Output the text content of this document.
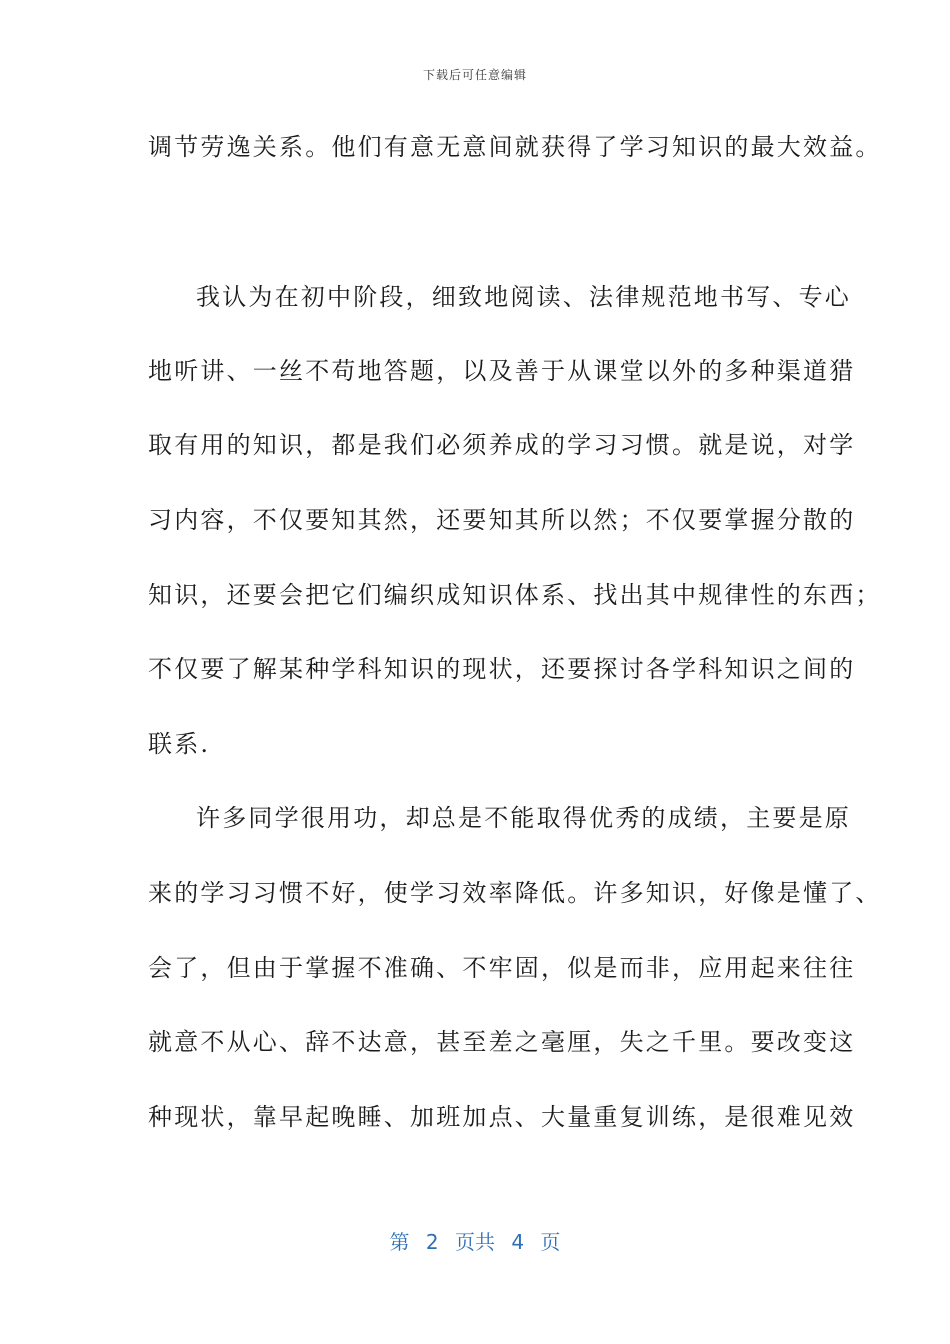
下载后可任意编辑
调节劳逸关系。他们有意无意间就获得了学习知识的最大效益。
我认为在初中阶段，细致地阅读、法律规范地书写、专心
地听讲、一丝不苟地答题，以及善于从课堂以外的多种渠道猎
取有用的知识，都是我们必须养成的学习习惯。就是说，对学
习内容，不仅要知其然，还要知其所以然；不仅要掌握分散的
知识，还要会把它们编织成知识体系、找出其中规律性的东西；
不仅要了解某种学科知识的现状，还要探讨各学科知识之间的
联系.
许多同学很用功，却总是不能取得优秀的成绩，主要是原
来的学习习惯不好，使学习效率降低。许多知识，好像是懂了、
会了，但由于掌握不准确、不牢固，似是而非，应用起来往往
就意不从心、辞不达意，甚至差之毫厘，失之千里。要改变这
种现状，靠早起晚睡、加班加点、大量重复训练，是很难见效
第 2 页共 4 页
